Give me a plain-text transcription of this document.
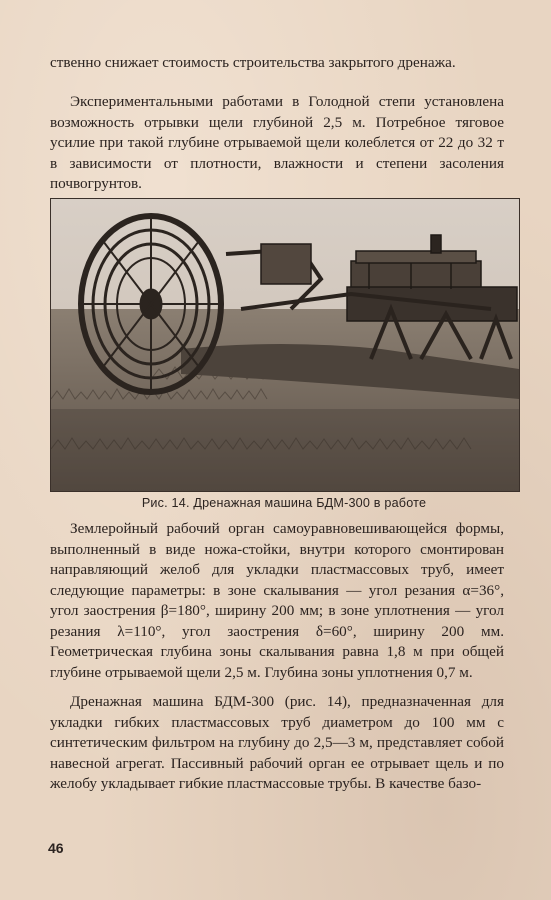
ственно снижает стоимость строительства закрытого дренажа.

Экспериментальными работами в Голодной степи установлена возможность отрывки щели глубиной 2,5 м. Потребное тяговое усилие при такой глубине отрываемой щели колеблется от 22 до 32 т в зависимости от плотности, влажности и степени засоления почвогрунтов.

Рис. 14. Дренажная машина БДМ-300 в работе

Землеройный рабочий орган самоуравновешивающейся формы, выполненный в виде ножа-стойки, внутри которого смонтирован направляющий желоб для укладки пластмассовых труб, имеет следующие параметры: в зоне скалывания — угол резания α=36°, угол заострения β=180°, ширину 200 мм; в зоне уплотнения — угол резания λ=110°, угол заострения δ=60°, ширину 200 мм. Геометрическая глубина зоны скалывания равна 1,8 м при общей глубине отрываемой щели 2,5 м. Глубина зоны уплотнения 0,7 м.

Дренажная машина БДМ-300 (рис. 14), предназначенная для укладки гибких пластмассовых труб диаметром до 100 мм с синтетическим фильтром на глубину до 2,5—3 м, представляет собой навесной агрегат. Пассивный рабочий орган ее отрывает щель и по желобу укладывает гибкие пластмассовые трубы. В качестве базо-

46
